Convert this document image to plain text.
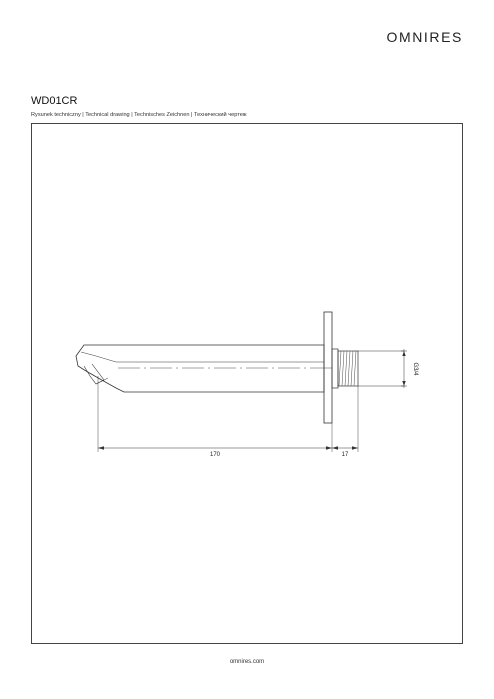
OMNIRES
WD01CR
Rysunek techniczny | Technical drawing | Technisches Zeichnen | Технический чертеж
170	17
G3/4
omnires.com
